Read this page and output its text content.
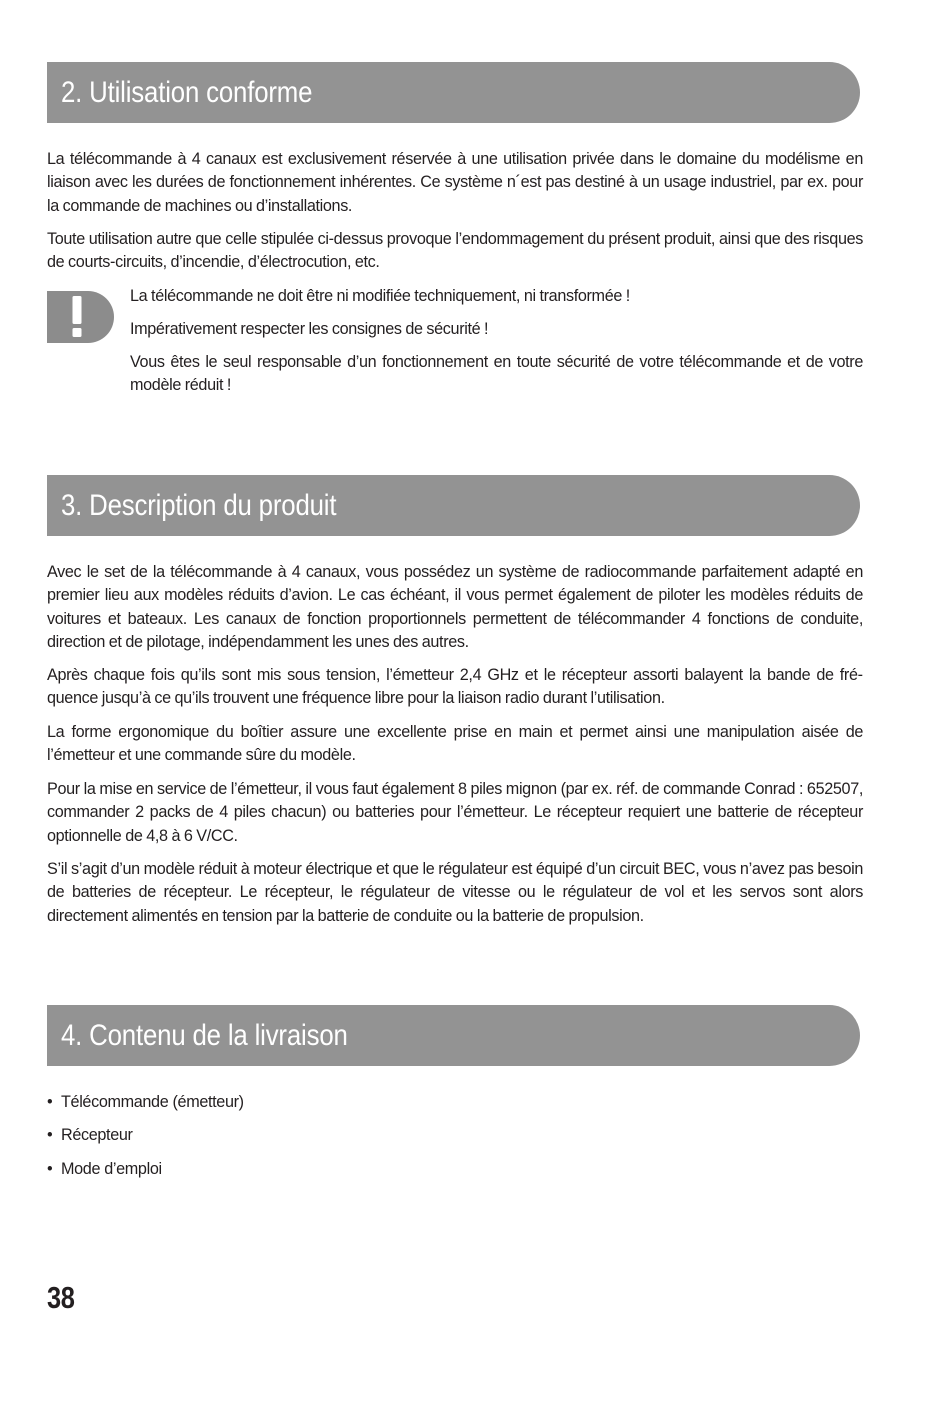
2. Utilisation conforme

La télécommande à 4 canaux est exclusivement réservée à une utilisation privée dans le domaine du modélisme en liaison avec les durées de fonctionnement inhérentes. Ce système n´est pas destiné à un usage industriel, par ex. pour la commande de machines ou d’installations.

Toute utilisation autre que celle stipulée ci-dessus provoque l’endommagement du présent produit, ainsi que des risques de courts-circuits, d’incendie, d’électrocution, etc.

La télécommande ne doit être ni modifiée techniquement, ni transformée !

Impérativement respecter les consignes de sécurité !

Vous êtes le seul responsable d’un fonctionnement en toute sécurité de votre télécommande et de votre modèle réduit !

3. Description du produit

Avec le set de la télécommande à 4 canaux, vous possédez un système de radiocommande parfaitement adapté en premier lieu aux modèles réduits d’avion. Le cas échéant, il vous permet également de piloter les modèles réduits de voitures et bateaux. Les canaux de fonction proportionnels permettent de télécommander 4 fonctions de conduite, direction et de pilotage, indépendamment les unes des autres.

Après chaque fois qu’ils sont mis sous tension, l’émetteur 2,4 GHz et le récepteur assorti balayent la bande de fréquence jusqu’à ce qu’ils trouvent une fréquence libre pour la liaison radio durant l’utilisation.

La forme ergonomique du boîtier assure une excellente prise en main et permet ainsi une manipulation aisée de l’émetteur et une commande sûre du modèle.

Pour la mise en service de l’émetteur, il vous faut également 8 piles mignon (par ex. réf. de commande Conrad : 652507, commander 2 packs de 4 piles chacun) ou batteries pour l’émetteur. Le récepteur requiert une batterie de récepteur optionnelle de 4,8 à 6 V/CC.

S’il s’agit d’un modèle réduit à moteur électrique et que le régulateur est équipé d’un circuit BEC, vous n’avez pas besoin de batteries de récepteur. Le récepteur, le régulateur de vitesse ou le régulateur de vol et les servos sont alors directement alimentés en tension par la batterie de conduite ou la batterie de propulsion.

4. Contenu de la livraison
• Télécommande (émetteur)
• Récepteur
• Mode d’emploi
38
